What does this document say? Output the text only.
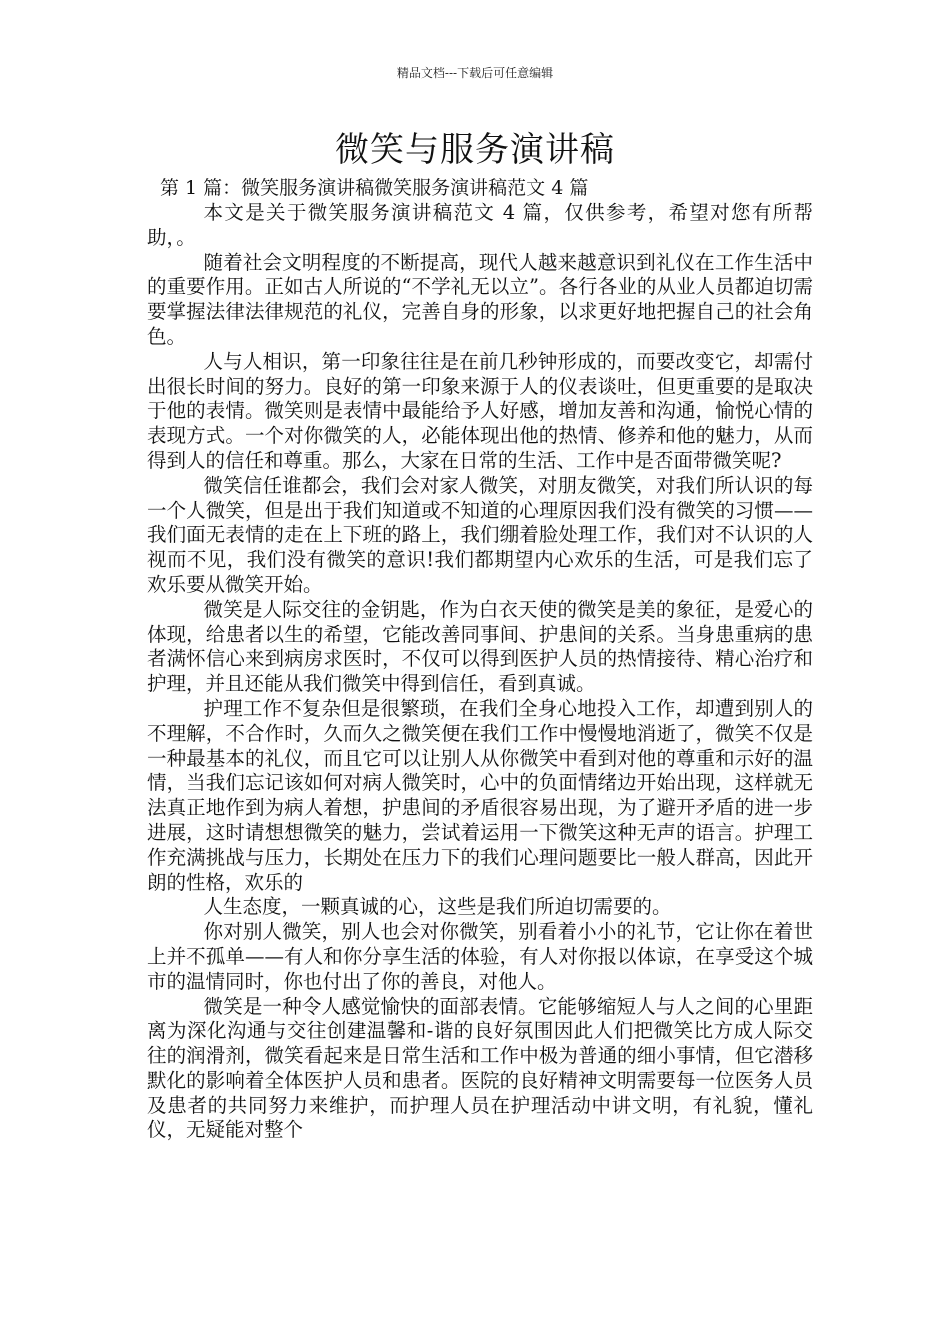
精品文档---下载后可任意编辑
微笑与服务演讲稿
第 1 篇：微笑服务演讲稿微笑服务演讲稿范文 4 篇

本文是关于微笑服务演讲稿范文 4 篇，仅供参考，希望对您有所帮助，。

随着社会文明程度的不断提高，现代人越来越意识到礼仪在工作生活中的重要作用。正如古人所说的“不学礼无以立”。各行各业的从业人员都迫切需要掌握法律法律规范的礼仪，完善自身的形象，以求更好地把握自己的社会角色。

人与人相识，第一印象往往是在前几秒钟形成的，而要改变它，却需付出很长时间的努力。良好的第一印象来源于人的仪表谈吐，但更重要的是取决于他的表情。微笑则是表情中最能给予人好感，增加友善和沟通，愉悦心情的表现方式。一个对你微笑的人，必能体现出他的热情、修养和他的魅力，从而得到人的信任和尊重。那么，大家在日常的生活、工作中是否面带微笑呢?

微笑信任谁都会，我们会对家人微笑，对朋友微笑，对我们所认识的每一个人微笑，但是出于我们知道或不知道的心理原因我们没有微笑的习惯——我们面无表情的走在上下班的路上，我们绷着脸处理工作，我们对不认识的人视而不见，我们没有微笑的意识!我们都期望内心欢乐的生活，可是我们忘了欢乐要从微笑开始。

微笑是人际交往的金钥匙，作为白衣天使的微笑是美的象征，是爱心的体现，给患者以生的希望，它能改善同事间、护患间的关系。当身患重病的患者满怀信心来到病房求医时，不仅可以得到医护人员的热情接待、精心治疗和护理，并且还能从我们微笑中得到信任，看到真诚。

护理工作不复杂但是很繁琐，在我们全身心地投入工作，却遭到别人的不理解，不合作时，久而久之微笑便在我们工作中慢慢地消逝了，微笑不仅是一种最基本的礼仪，而且它可以让别人从你微笑中看到对他的尊重和示好的温情，当我们忘记该如何对病人微笑时，心中的负面情绪边开始出现，这样就无法真正地作到为病人着想，护患间的矛盾很容易出现，为了避开矛盾的进一步进展，这时请想想微笑的魅力，尝试着运用一下微笑这种无声的语言。护理工作充满挑战与压力，长期处在压力下的我们心理问题要比一般人群高，因此开朗的性格，欢乐的

人生态度，一颗真诚的心，这些是我们所迫切需要的。

你对别人微笑，别人也会对你微笑，别看着小小的礼节，它让你在着世上并不孤单——有人和你分享生活的体验，有人对你报以体谅，在享受这个城市的温情同时，你也付出了你的善良，对他人。

微笑是一种令人感觉愉快的面部表情。它能够缩短人与人之间的心里距离为深化沟通与交往创建温馨和-谐的良好氛围因此人们把微笑比方成人际交往的润滑剂，微笑看起来是日常生活和工作中极为普通的细小事情，但它潜移默化的影响着全体医护人员和患者。医院的良好精神文明需要每一位医务人员及患者的共同努力来维护，而护理人员在护理活动中讲文明，有礼貌，懂礼仪，无疑能对整个
